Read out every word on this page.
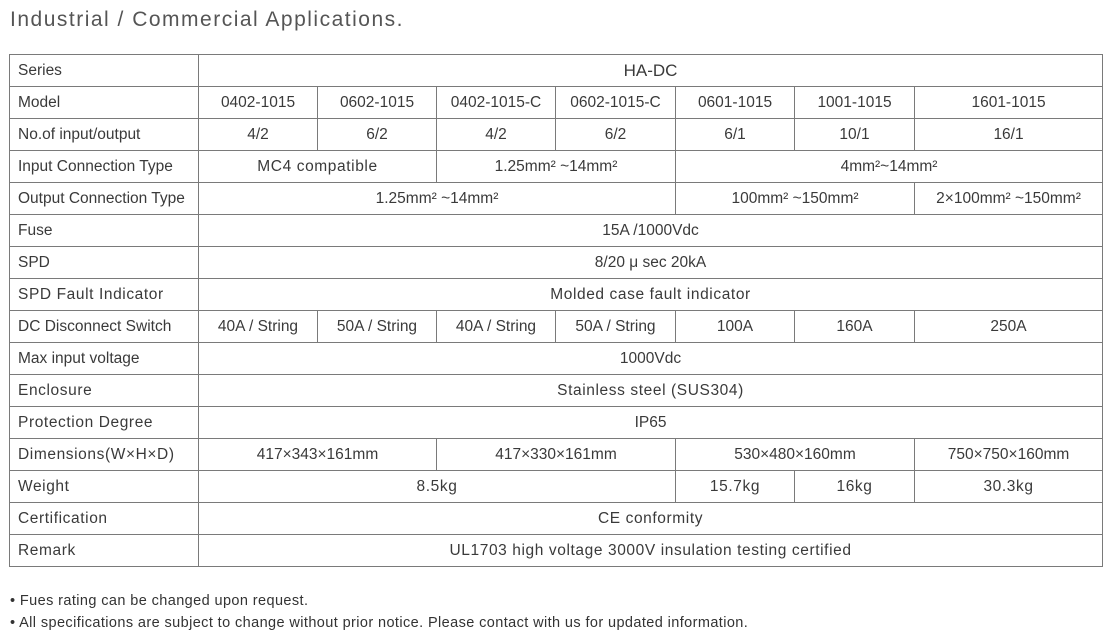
Industrial / Commercial Applications.
Series	HA-DC						
Model	0402-1015	0602-1015	0402-1015-C	0602-1015-C	0601-1015	1001-1015	1601-1015
No.of input/output	4/2	6/2	4/2	6/2	6/1	10/1	16/1
Input Connection Type	MC4 compatible		1.25mm² ~14mm²		4mm²~14mm²		
Output Connection Type	1.25mm² ~14mm²				100mm² ~150mm²		2×100mm² ~150mm²
Fuse	15A /1000Vdc						
SPD	8/20 μ sec 20kA						
SPD Fault Indicator	Molded case fault indicator						
DC Disconnect Switch	40A / String	50A / String	40A / String	50A / String	100A	160A	250A
Max input voltage	1000Vdc						
Enclosure	Stainless steel (SUS304)						
Protection Degree	IP65						
Dimensions(W×H×D)	417×343×161mm		417×330×161mm		530×480×160mm		750×750×160mm
Weight	8.5kg				15.7kg	16kg	30.3kg
Certification	CE conformity						
Remark	UL1703 high voltage 3000V insulation testing certified						
• Fues rating can be changed upon request.
• All specifications are subject to change without prior notice. Please contact with us for updated information.
